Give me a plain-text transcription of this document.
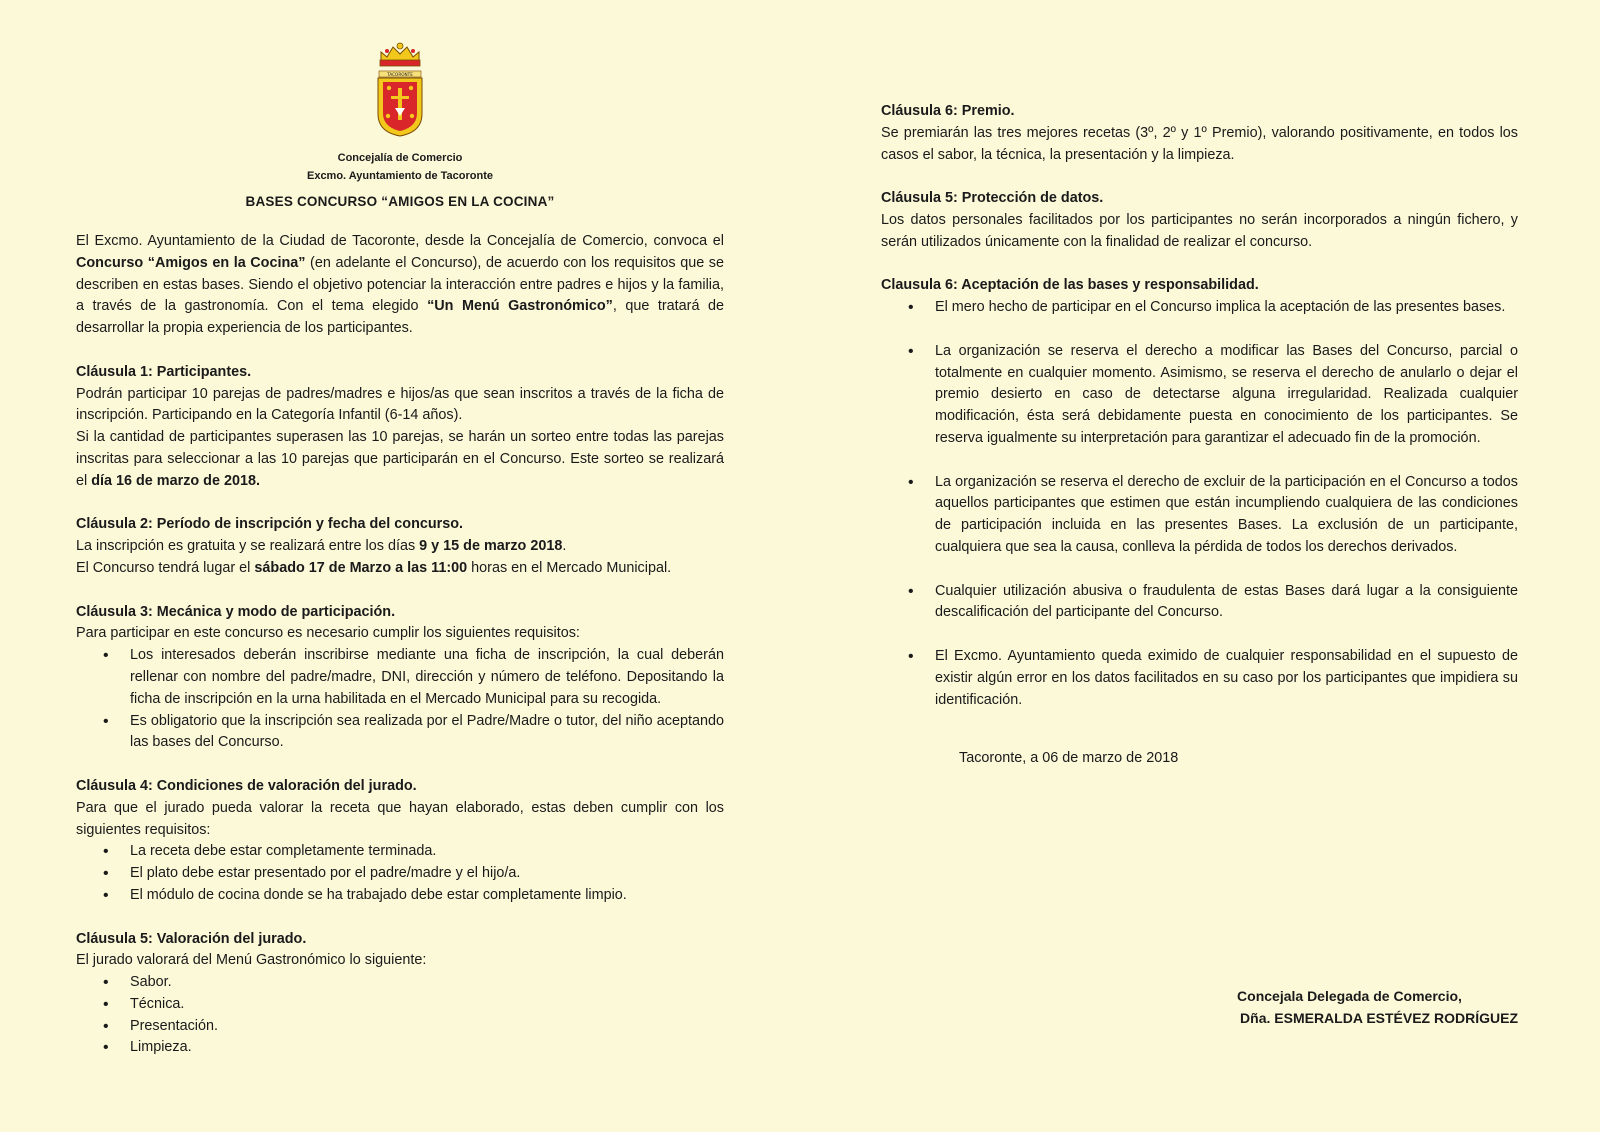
TACORONTE
Concejalía de Comercio
Excmo. Ayuntamiento de Tacoronte
BASES CONCURSO “AMIGOS EN LA COCINA”

El Excmo. Ayuntamiento de la Ciudad de Tacoronte, desde la Concejalía de Comercio, convoca el Concurso “Amigos en la Cocina” (en adelante el Concurso), de acuerdo con los requisitos que se describen en estas bases. Siendo el objetivo potenciar la interacción entre padres e hijos y la familia, a través de la gastronomía. Con el tema elegido “Un Menú Gastronómico”, que tratará de desarrollar la propia experiencia de los participantes.

Cláusula 1: Participantes.

Podrán participar 10 parejas de padres/madres e hijos/as que sean inscritos a través de la ficha de inscripción. Participando en la Categoría Infantil (6-14 años).

Si la cantidad de participantes superasen las 10 parejas, se harán un sorteo entre todas las parejas inscritas para seleccionar a las 10 parejas que participarán en el Concurso. Este sorteo se realizará el día 16 de marzo de 2018.

Cláusula 2: Período de inscripción y fecha del concurso.

La inscripción es gratuita y se realizará entre los días 9 y 15 de marzo 2018.

El Concurso tendrá lugar el sábado 17 de Marzo a las 11:00 horas en el Mercado Municipal.

Cláusula 3: Mecánica y modo de participación.

Para participar en este concurso es necesario cumplir los siguientes requisitos:

• Los interesados deberán inscribirse mediante una ficha de inscripción, la cual deberán rellenar con nombre del padre/madre, DNI, dirección y número de teléfono. Depositando la ficha de inscripción en la urna habilitada en el Mercado Municipal para su recogida.
• Es obligatorio que la inscripción sea realizada por el Padre/Madre o tutor, del niño aceptando las bases del Concurso.

Cláusula 4: Condiciones de valoración del jurado.

Para que el jurado pueda valorar la receta que hayan elaborado, estas deben cumplir con los siguientes requisitos:

• La receta debe estar completamente terminada.
• El plato debe estar presentado por el padre/madre y el hijo/a.
• El módulo de cocina donde se ha trabajado debe estar completamente limpio.

Cláusula 5: Valoración del jurado.

El jurado valorará del Menú Gastronómico lo siguiente:

• Sabor.
• Técnica.
• Presentación.
• Limpieza.

Cláusula 6: Premio.

Se premiarán las tres mejores recetas (3º, 2º y 1º Premio), valorando positivamente, en todos los casos el sabor, la técnica, la presentación y la limpieza.

Cláusula 5: Protección de datos.

Los datos personales facilitados por los participantes no serán incorporados a ningún fichero, y serán utilizados únicamente con la finalidad de realizar el concurso.

Clausula 6: Aceptación de las bases y responsabilidad.

• El mero hecho de participar en el Concurso implica la aceptación de las presentes bases.
• La organización se reserva el derecho a modificar las Bases del Concurso, parcial o totalmente en cualquier momento. Asimismo, se reserva el derecho de anularlo o dejar el premio desierto en caso de detectarse alguna irregularidad. Realizada cualquier modificación, ésta será debidamente puesta en conocimiento de los participantes. Se reserva igualmente su interpretación para garantizar el adecuado fin de la promoción.
• La organización se reserva el derecho de excluir de la participación en el Concurso a todos aquellos participantes que estimen que están incumpliendo cualquiera de las condiciones de participación incluida en las presentes Bases. La exclusión de un participante, cualquiera que sea la causa, conlleva la pérdida de todos los derechos derivados.
• Cualquier utilización abusiva o fraudulenta de estas Bases dará lugar a la consiguiente descalificación del participante del Concurso.
• El Excmo. Ayuntamiento queda eximido de cualquier responsabilidad en el supuesto de existir algún error en los datos facilitados en su caso por los participantes que impidiera su identificación.

Tacoronte, a 06 de marzo de 2018

Concejala Delegada de Comercio,
Dña. ESMERALDA ESTÉVEZ RODRÍGUEZ
